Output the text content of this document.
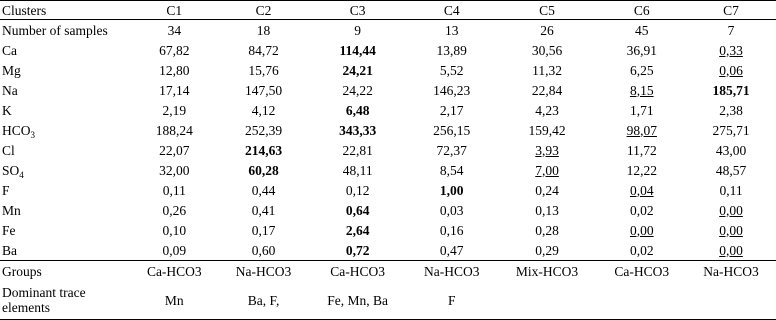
Clusters	C1	C2	C3	C4	C5	C6	C7
Number of samples	34	18	9	13	26	45	7
Ca	67,82	84,72	114,44	13,89	30,56	36,91	0,33
Mg	12,80	15,76	24,21	5,52	11,32	6,25	0,06
Na	17,14	147,50	24,22	146,23	22,84	8,15	185,71
K	2,19	4,12	6,48	2,17	4,23	1,71	2,38
$HCO_3$	188,24	252,39	343,33	256,15	159,42	98,07	275,71
Cl	22,07	214,63	22,81	72,37	3,93	11,72	43,00
$SO_4$	32,00	60,28	48,11	8,54	7,00	12,22	48,57
F	0,11	0,44	0,12	1,00	0,24	0,04	0,11
Mn	0,26	0,41	0,64	0,03	0,13	0,02	0,00
Fe	0,10	0,17	2,64	0,16	0,28	0,00	0,00
Ba	0,09	0,60	0,72	0,47	0,29	0,02	0,00
Groups	Ca-HCO3	Na-HCO3	Ca-HCO3	Na-HCO3	Mix-HCO3	Ca-HCO3	Na-HCO3
Dominant trace
elements	Mn	Ba, F,	Fe, Mn, Ba	F			
